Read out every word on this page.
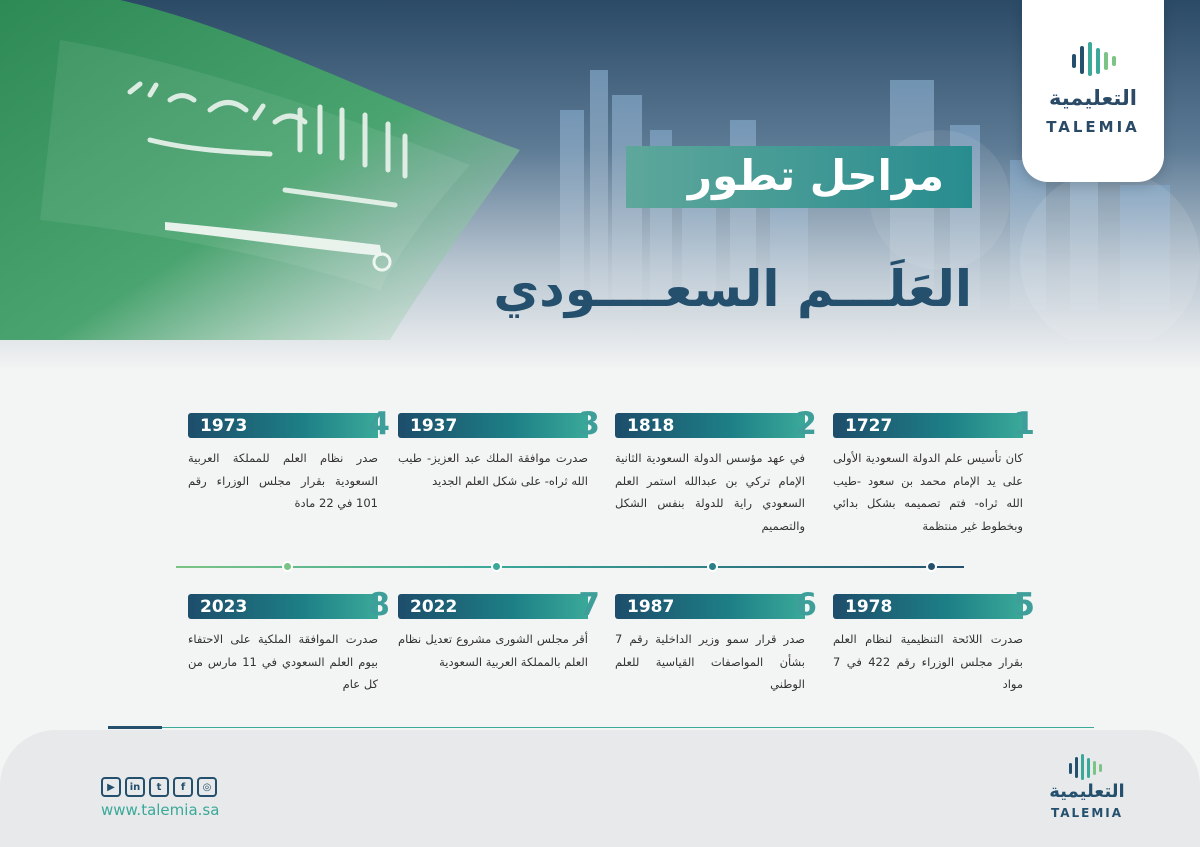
التعليمية
TALEMIA
مراحل تطور
العَلَـــم السعــــودي
1727	1
كان تأسيس علم الدولة السعودية الأولى على يد الإمام محمد بن سعود -طيب الله ثراه- فتم تصميمه بشكل بدائي وبخطوط غير منتظمة
1818	2
في عهد مؤسس الدولة السعودية الثانية الإمام تركي بن عبدالله استمر العلم السعودي راية للدولة بنفس الشكل والتصميم
1937	3
صدرت موافقة الملك عبد العزيز- طيب الله ثراه- على شكل العلم الجديد
1973	4
صدر نظام العلم للمملكة العربية السعودية بقرار مجلس الوزراء رقم 101 في 22 مادة
1978	5
صدرت اللائحة التنظيمية لنظام العلم بقرار مجلس الوزراء رقم 422 في 7 مواد
1987	6
صدر قرار سمو وزير الداخلية رقم 7 بشأن المواصفات القياسية للعلم الوطني
2022	7
أقر مجلس الشورى مشروع تعديل نظام العلم بالمملكة العربية السعودية
2023	8
صدرت الموافقة الملكية على الاحتفاء بيوم العلم السعودي في 11 مارس من كل عام
▶	in	t	f	◎
www.talemia.sa
التعليمية
TALEMIA
